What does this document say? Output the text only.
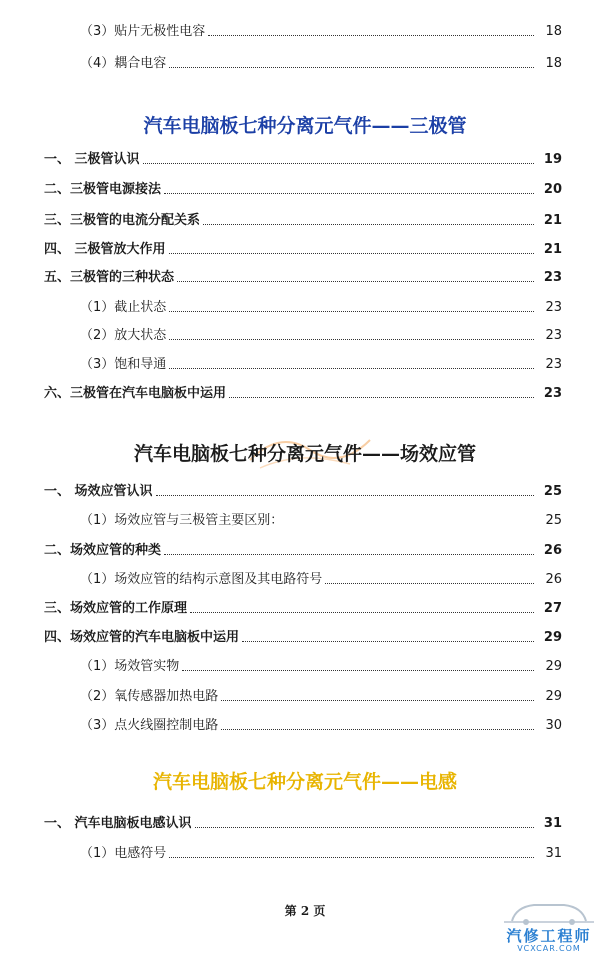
（3）贴片无极性电容	18
（4）耦合电容	18
汽车电脑板七种分离元气件——三极管
一、 三极管认识	19
二、三极管电源接法	20
三、三极管的电流分配关系	21
四、 三极管放大作用	21
五、三极管的三种状态	23
（1）截止状态	23
（2）放大状态	23
（3）饱和导通	23
六、三极管在汽车电脑板中运用	23
汽车电脑板七种分离元气件——场效应管
一、 场效应管认识	25
（1）场效应管与三极管主要区别：	25
二、场效应管的种类	26
（1）场效应管的结构示意图及其电路符号	26
三、场效应管的工作原理	27
四、场效应管的汽车电脑板中运用	29
（1）场效管实物	29
（2）氧传感器加热电路	29
（3）点火线圈控制电路	30
汽车电脑板七种分离元气件——电感
一、 汽车电脑板电感认识	31
（1）电感符号	31
第 2 页
汽修工程师
VCXCAR.COM
